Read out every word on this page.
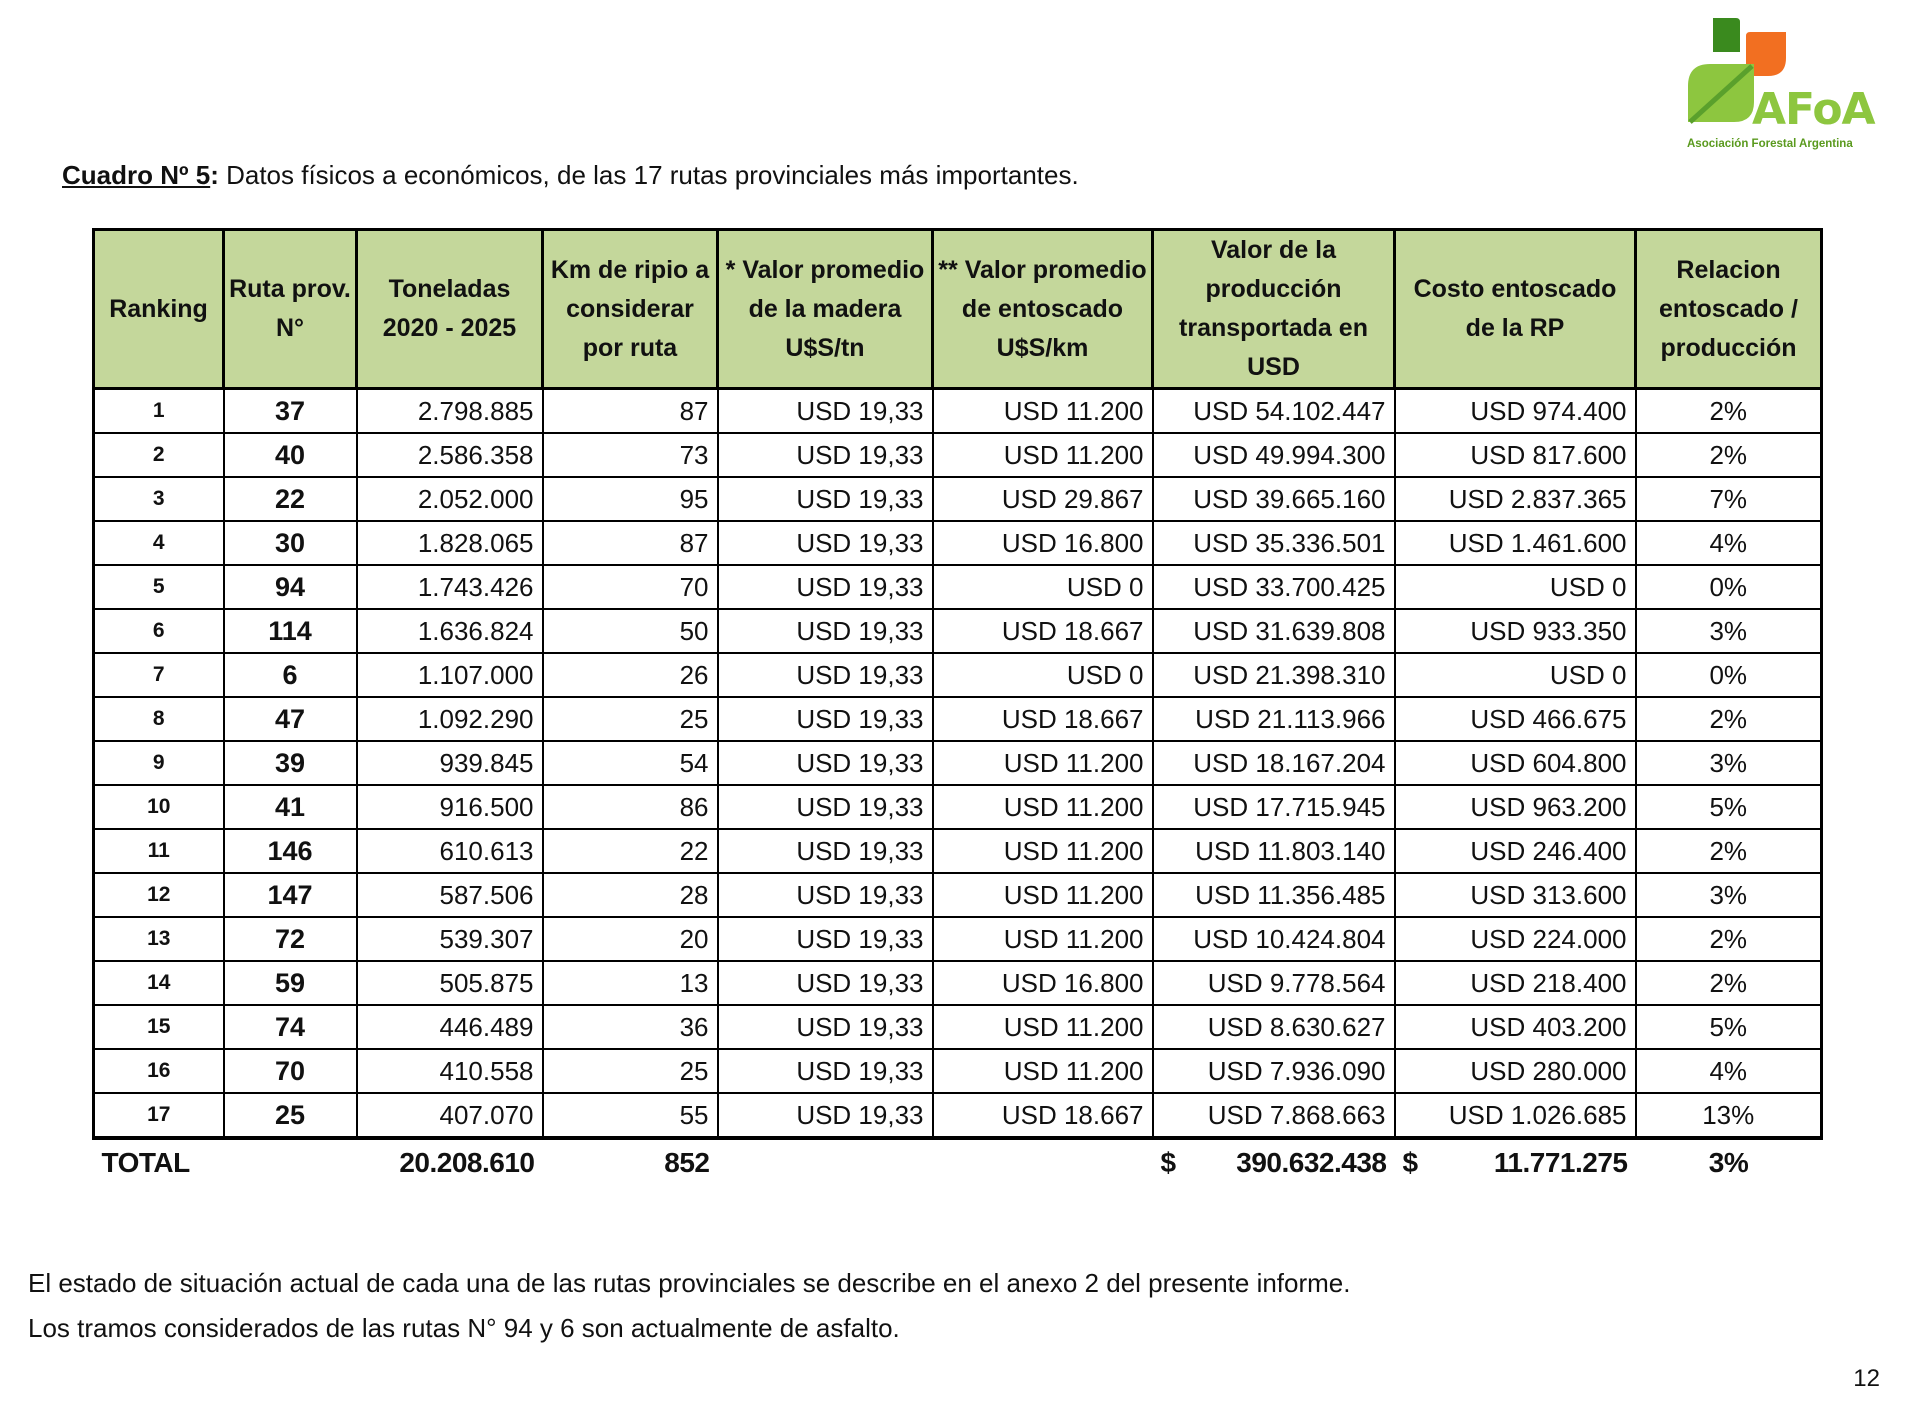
AFoA
Asociación Forestal Argentina
Cuadro Nº 5: Datos físicos a económicos, de las 17 rutas provinciales más importantes.
Ranking	Ruta prov. N°	Toneladas 2020 - 2025	Km de ripio a considerar por ruta	* Valor promedio de la madera U$S/tn	** Valor promedio de entoscado U$S/km	Valor de la producción transportada en USD	Costo entoscado de la RP	Relacion entoscado / producción
1	37	2.798.885	87	USD 19,33	USD 11.200	USD 54.102.447	USD 974.400	2%
2	40	2.586.358	73	USD 19,33	USD 11.200	USD 49.994.300	USD 817.600	2%
3	22	2.052.000	95	USD 19,33	USD 29.867	USD 39.665.160	USD 2.837.365	7%
4	30	1.828.065	87	USD 19,33	USD 16.800	USD 35.336.501	USD 1.461.600	4%
5	94	1.743.426	70	USD 19,33	USD 0	USD 33.700.425	USD 0	0%
6	114	1.636.824	50	USD 19,33	USD 18.667	USD 31.639.808	USD 933.350	3%
7	6	1.107.000	26	USD 19,33	USD 0	USD 21.398.310	USD 0	0%
8	47	1.092.290	25	USD 19,33	USD 18.667	USD 21.113.966	USD 466.675	2%
9	39	939.845	54	USD 19,33	USD 11.200	USD 18.167.204	USD 604.800	3%
10	41	916.500	86	USD 19,33	USD 11.200	USD 17.715.945	USD 963.200	5%
11	146	610.613	22	USD 19,33	USD 11.200	USD 11.803.140	USD 246.400	2%
12	147	587.506	28	USD 19,33	USD 11.200	USD 11.356.485	USD 313.600	3%
13	72	539.307	20	USD 19,33	USD 11.200	USD 10.424.804	USD 224.000	2%
14	59	505.875	13	USD 19,33	USD 16.800	USD 9.778.564	USD 218.400	2%
15	74	446.489	36	USD 19,33	USD 11.200	USD 8.630.627	USD 403.200	5%
16	70	410.558	25	USD 19,33	USD 11.200	USD 7.936.090	USD 280.000	4%
17	25	407.070	55	USD 19,33	USD 18.667	USD 7.868.663	USD 1.026.685	13%
TOTAL		20.208.610	852			$ 390.632.438	$ 11.771.275	3%
El estado de situación actual de cada una de las rutas provinciales se describe en el anexo 2 del presente informe.
Los tramos considerados de las rutas N° 94 y 6 son actualmente de asfalto.
12
